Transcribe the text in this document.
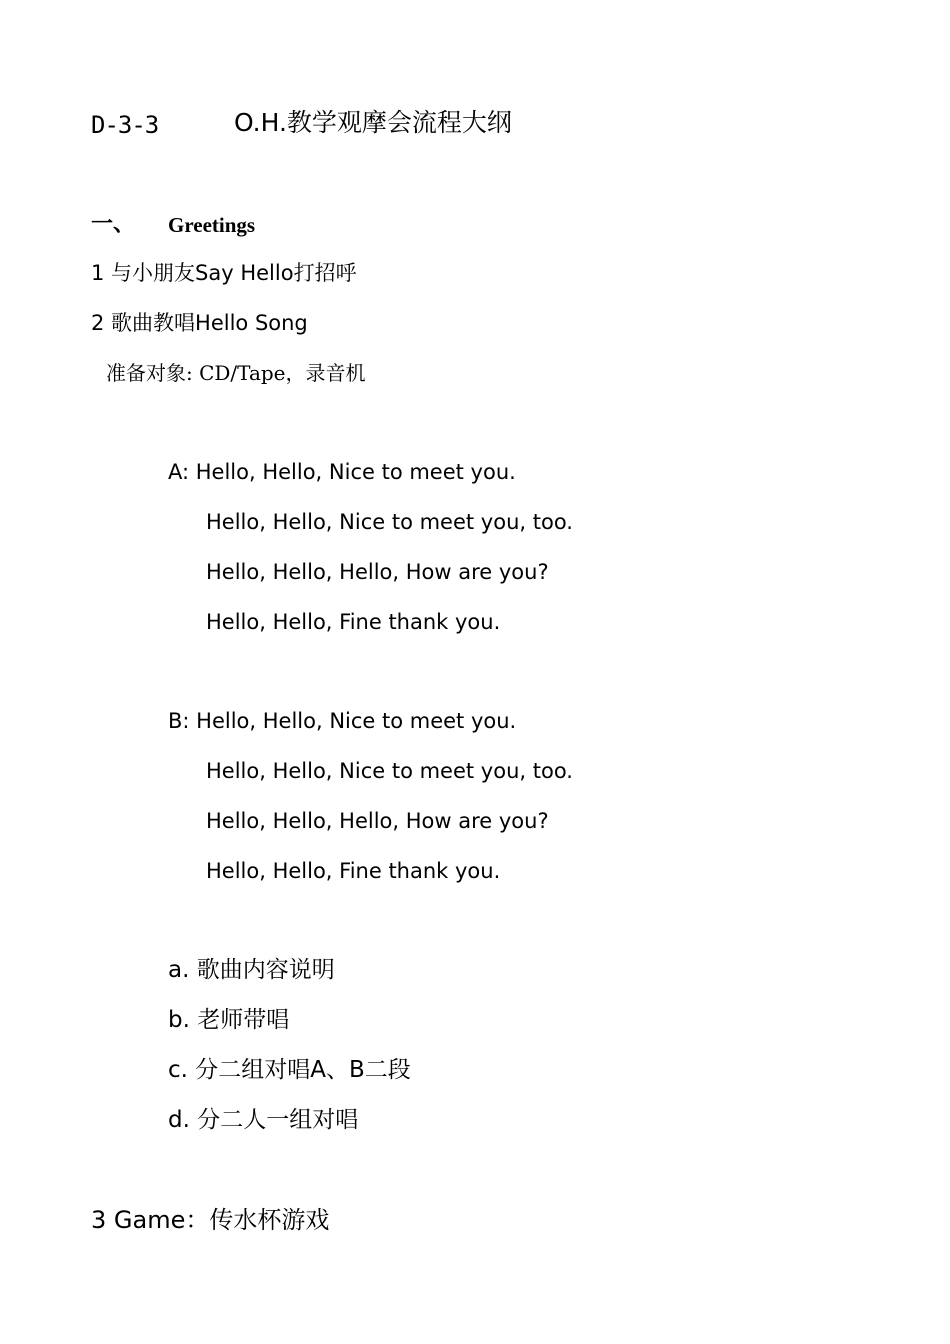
D-3-3	O.H.教学观摩会流程大纲
一、 Greetings
1 与小朋友Say Hello打招呼
2 歌曲教唱Hello Song
准备对象: CD/Tape，录音机
A: Hello, Hello, Nice to meet you.
Hello, Hello, Nice to meet you, too.
Hello, Hello, Hello, How are you?
Hello, Hello, Fine thank you.
B: Hello, Hello, Nice to meet you.
Hello, Hello, Nice to meet you, too.
Hello, Hello, Hello, How are you?
Hello, Hello, Fine thank you.
a. 歌曲内容说明
b. 老师带唱
c. 分二组对唱A、B二段
d. 分二人一组对唱
3 Game：传水杯游戏
